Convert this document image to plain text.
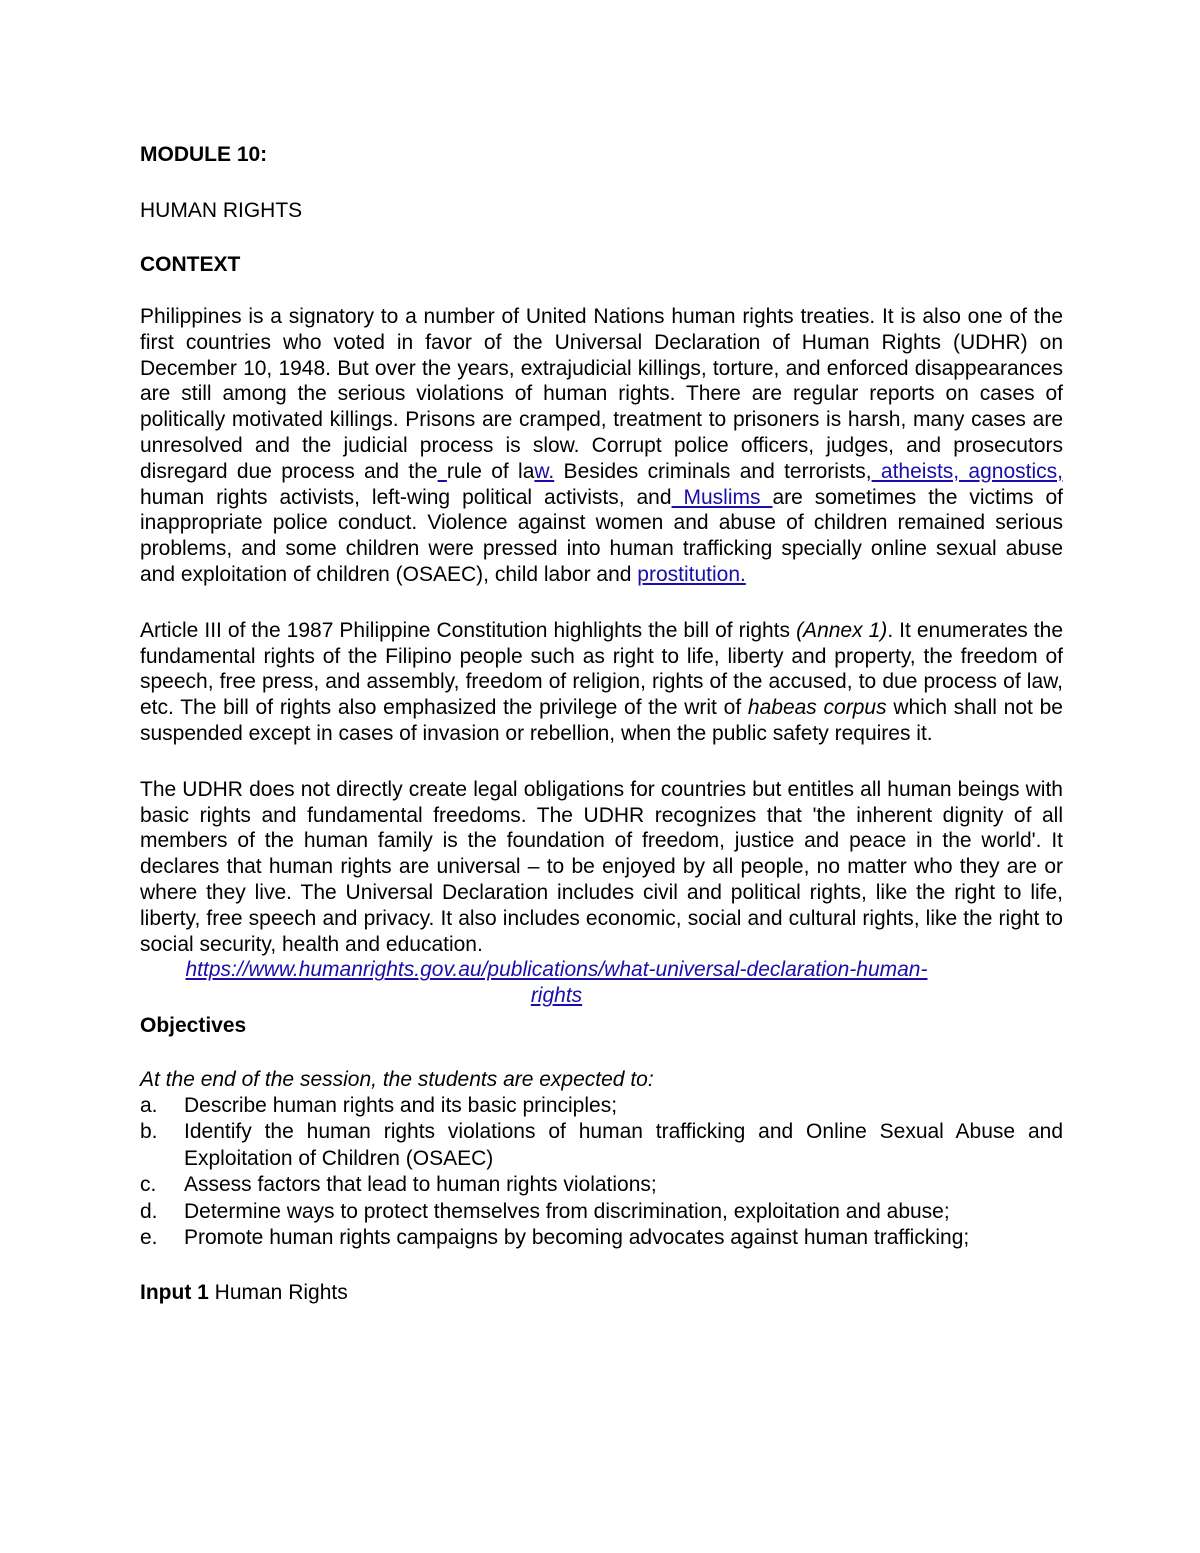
MODULE 10:

HUMAN RIGHTS

CONTEXT

Philippines is a signatory to a number of United Nations human rights treaties. It is also one of the first countries who voted in favor of the Universal Declaration of Human Rights (UDHR) on December 10, 1948. But over the years, extrajudicial killings, torture, and enforced disappearances are still among the serious violations of human rights. There are regular reports on cases of politically motivated killings. Prisons are cramped, treatment to prisoners is harsh, many cases are unresolved and the judicial process is slow. Corrupt police officers, judges, and prosecutors disregard due process and the rule of law. Besides criminals and terrorists, atheists, agnostics, human rights activists, left-wing political activists, and Muslims are sometimes the victims of inappropriate police conduct. Violence against women and abuse of children remained serious problems, and some children were pressed into human trafficking specially online sexual abuse and exploitation of children (OSAEC), child labor and prostitution.

Article III of the 1987 Philippine Constitution highlights the bill of rights (Annex 1). It enumerates the fundamental rights of the Filipino people such as right to life, liberty and property, the freedom of speech, free press, and assembly, freedom of religion, rights of the accused, to due process of law, etc. The bill of rights also emphasized the privilege of the writ of habeas corpus which shall not be suspended except in cases of invasion or rebellion, when the public safety requires it.

The UDHR does not directly create legal obligations for countries but entitles all human beings with basic rights and fundamental freedoms. The UDHR recognizes that 'the inherent dignity of all members of the human family is the foundation of freedom, justice and peace in the world'. It declares that human rights are universal – to be enjoyed by all people, no matter who they are or where they live. The Universal Declaration includes civil and political rights, like the right to life, liberty, free speech and privacy. It also includes economic, social and cultural rights, like the right to social security, health and education.

https://www.humanrights.gov.au/publications/what-universal-declaration-human-
rights

Objectives

At the end of the session, the students are expected to:

a.	Describe human rights and its basic principles;
b.	Identify the human rights violations of human trafficking and Online Sexual Abuse and Exploitation of Children (OSAEC)
c.	Assess factors that lead to human rights violations;
d.	Determine ways to protect themselves from discrimination, exploitation and abuse;
e.	Promote human rights campaigns by becoming advocates against human trafficking;

Input 1 Human Rights
